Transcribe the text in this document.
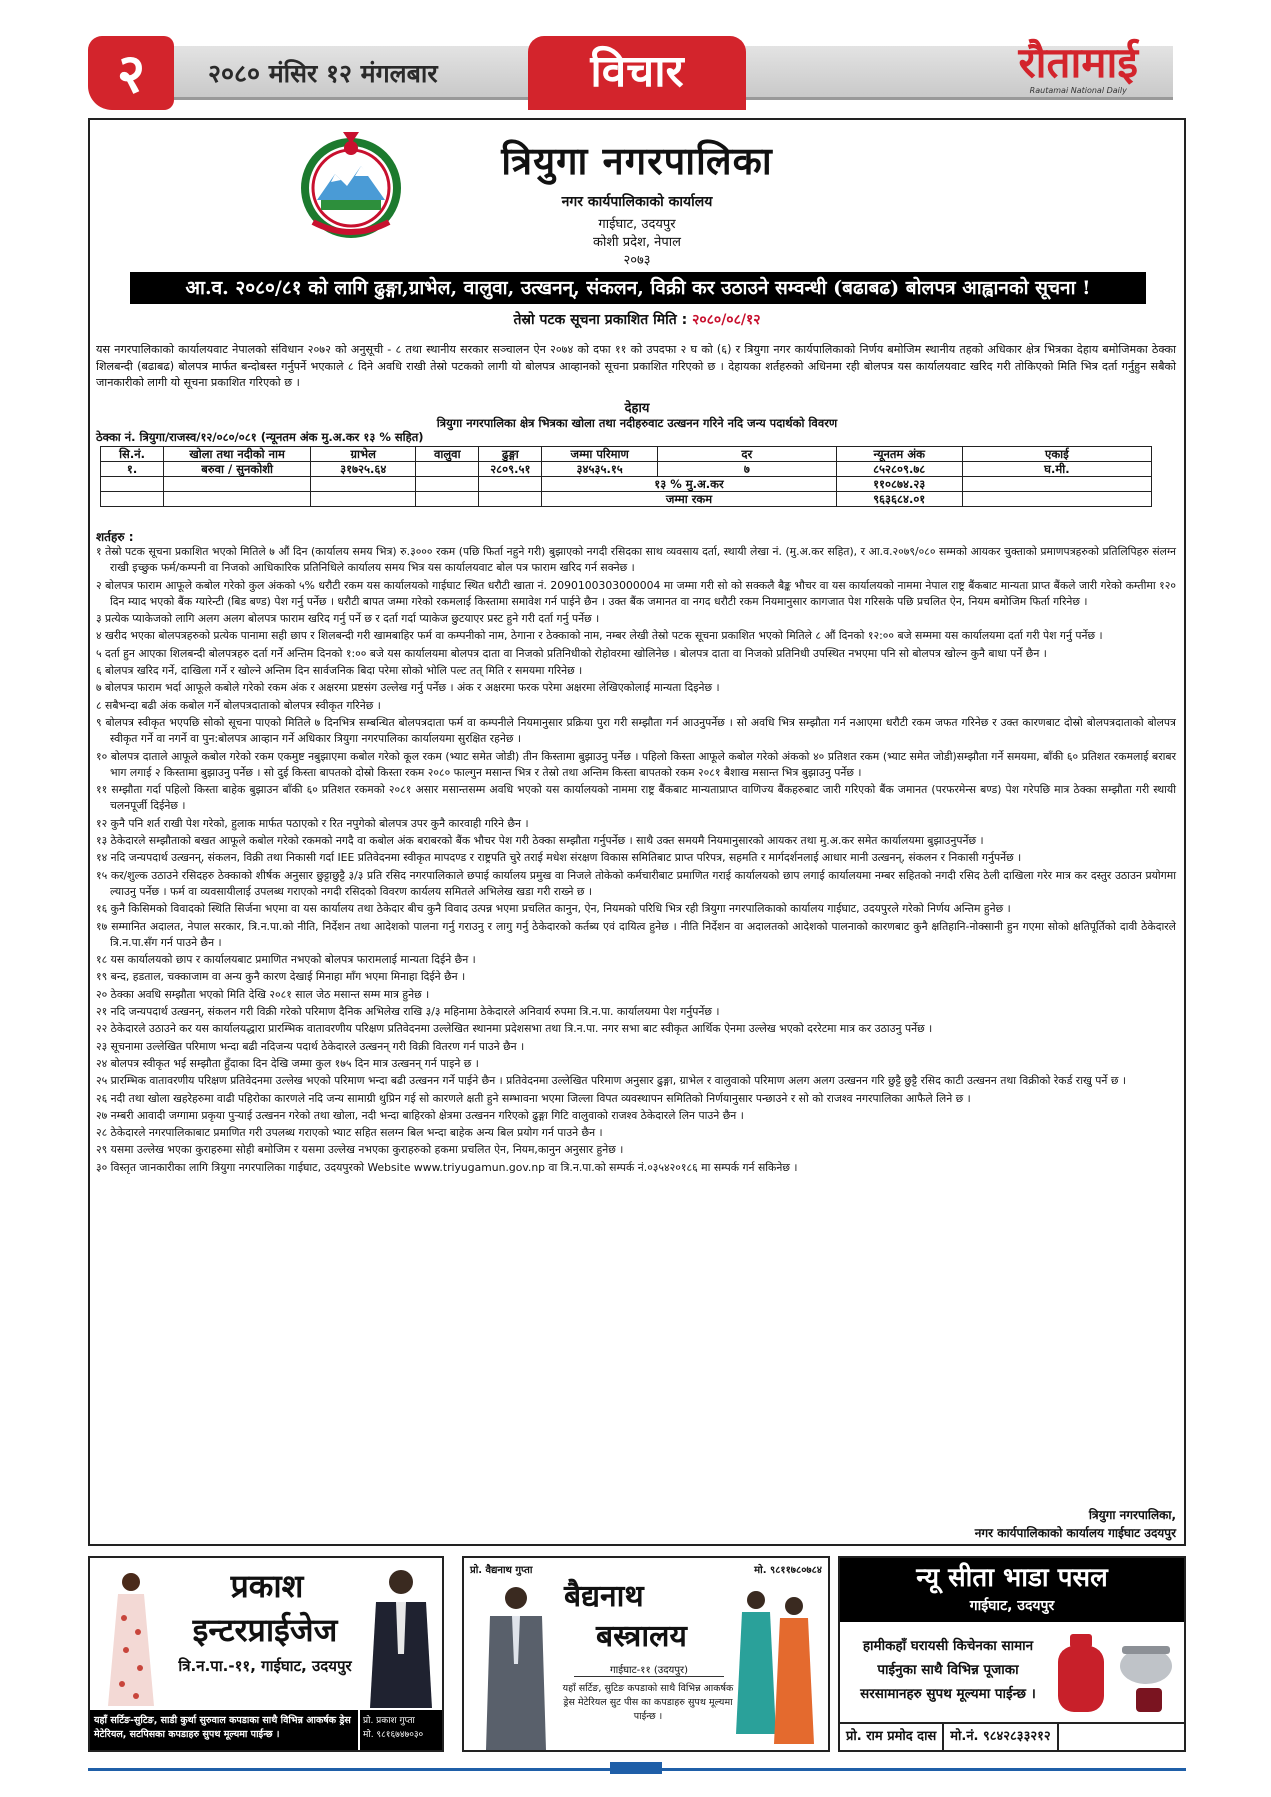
२	२०८० मंसिर १२ मंगलबार	विचार	रौतामाई
Rautamai National Daily
त्रियुगा नगरपालिका
नगर कार्यपालिकाको कार्यालय
गाईघाट, उदयपुर
कोशी प्रदेश, नेपाल
२०७३
आ.व. २०८०/८१ को लागि ढुङ्गा,ग्राभेल, वालुवा, उत्खनन्, संकलन, विक्री कर उठाउने सम्वन्धी (बढाबढ) बोलपत्र आह्वानको सूचना !
तेस्रो पटक सूचना प्रकाशित मिति : २०८०/०८/१२
यस नगरपालिकाको कार्यालयवाट नेपालको संविधान २०७२ को अनुसूची - ८ तथा स्थानीय सरकार सञ्चालन ऐन २०७४ को दफा ११ को उपदफा २ घ को (६) र त्रियुगा नगर कार्यपालिकाको निर्णय बमोजिम स्थानीय तहको अधिकार क्षेत्र भित्रका देहाय बमोजिमका ठेक्का शिलबन्दी (बढाबढ) बोलपत्र मार्फत बन्दोबस्त गर्नुपर्ने भएकाले ८ दिने अवधि राखी तेस्रो पटकको लागी यो बोलपत्र आव्हानको सूचना प्रकाशित गरिएको छ । देहायका शर्तहरुको अधिनमा रही बोलपत्र यस कार्यालयवाट खरिद गरी तोकिएको मिति भित्र दर्ता गर्नुहुन सबैको जानकारीको लागी यो सूचना प्रकाशित गरिएको छ ।
देहाय
त्रियुगा नगरपालिका क्षेत्र भित्रका खोला तथा नदीहरुवाट उत्खनन गरिने नदि जन्य पदार्थको विवरण
ठेक्का नं. त्रियुगा/राजस्व/१२/०८०/०८१ (न्यूनतम अंक मु.अ.कर १३ % सहित)
सि.नं.	खोला तथा नदीको नाम	ग्राभेल	वालुवा	ढुङ्गा	जम्मा परिमाण	दर	न्यूनतम अंक	एकाई
१.	बरुवा / सुनकोशी	३१७२५.६४		२८०९.५१	३४५३५.१५	७	८५२८०९.७८	घ.मी.
					१३ % मु.अ.कर		११०८७४.२३	
					जम्मा रकम		९६३६८४.०१	
शर्तहरु :
१ तेस्रो पटक सूचना प्रकाशित भएको मितिले ७ औं दिन (कार्यालय समय भित्र) रु.३००० रकम (पछि फिर्ता नहुने गरी) बुझाएको नगदी रसिदका साथ व्यवसाय दर्ता, स्थायी लेखा नं. (मु.अ.कर सहित), र आ.व.२०७९/०८० सम्मको आयकर चुक्ताको प्रमाणपत्रहरुको प्रतिलिपिहरु संलग्न राखी इच्छुक फर्म/कम्पनी वा निजको आधिकारिक प्रतिनिधिले कार्यालय समय भित्र यस कार्यालयवाट बोल पत्र फाराम खरिद गर्न सक्नेछ ।
२ बोलपत्र फाराम आफूले कबोल गरेको कुल अंकको ५% धरौटी रकम यस कार्यालयको गाईघाट स्थित धरौटी खाता नं. 2090100303000004 मा जम्मा गरी सो को सक्कलै बैङ्क भौचर वा यस कार्यालयको नाममा नेपाल राष्ट्र बैंकबाट मान्यता प्राप्त बैंकले जारी गरेको कम्तीमा १२० दिन म्याद भएको बैंक ग्यारेन्टी (बिड बण्ड) पेश गर्नु पर्नेछ । धरौटी बापत जम्मा गरेको रकमलाई किस्तामा समावेश गर्न पाईने छैन । उक्त बैंक जमानत वा नगद धरौटी रकम नियमानुसार कागजात पेश गरिसके पछि प्रचलित ऐन, नियम बमोजिम फिर्ता गरिनेछ ।
३ प्रत्येक प्याकेजको लागि अलग अलग बोलपत्र फाराम खरिद गर्नु पर्ने छ र दर्ता गर्दा प्याकेज छुटयाएर प्रस्ट हुने गरी दर्ता गर्नु पर्नेछ ।
४ खरीद भएका बोलपत्रहरुको प्रत्येक पानामा सही छाप र शिलबन्दी गरी खामबाहिर फर्म वा कम्पनीको नाम, ठेगाना र ठेक्काको नाम, नम्बर लेखी तेस्रो पटक सूचना प्रकाशित भएको मितिले ८ औं दिनको १२:०० बजे सम्ममा यस कार्यालयमा दर्ता गरी पेश गर्नु पर्नेछ ।
५ दर्ता हुन आएका शिलबन्दी बोलपत्रहरु दर्ता गर्ने अन्तिम दिनको १:०० बजे यस कार्यालयमा बोलपत्र दाता वा निजको प्रतिनिधीको रोहोवरमा खोलिनेछ । बोलपत्र दाता वा निजको प्रतिनिधी उपस्थित नभएमा पनि सो बोलपत्र खोल्न कुनै बाधा पर्ने छैन ।
६ बोलपत्र खरिद गर्ने, दाखिला गर्ने र खोल्ने अन्तिम दिन सार्वजनिक बिदा परेमा सोको भोलि पल्ट तत् मिति र समयमा गरिनेछ ।
७ बोलपत्र फाराम भर्दा आफूले कबोले गरेको रकम अंक र अक्षरमा प्रष्टसंग उल्लेख गर्नु पर्नेछ । अंक र अक्षरमा फरक परेमा अक्षरमा लेखिएकोलाई मान्यता दिइनेछ ।
८ सबैभन्दा बढी अंक कबोल गर्ने बोलपत्रदाताको बोलपत्र स्वीकृत गरिनेछ ।
९ बोलपत्र स्वीकृत भएपछि सोको सूचना पाएको मितिले ७ दिनभित्र सम्बन्धित बोलपत्रदाता फर्म वा कम्पनीले नियमानुसार प्रक्रिया पुरा गरी सम्झौता गर्न आउनुपर्नेछ । सो अवधि भित्र सम्झौता गर्न नआएमा धरौटी रकम जफत गरिनेछ र उक्त कारणबाट दोस्रो बोलपत्रदाताको बोलपत्र स्वीकृत गर्ने वा नगर्ने वा पुन:बोलपत्र आव्हान गर्ने अधिकार त्रियुगा नगरपालिका कार्यालयमा सुरक्षित रहनेछ ।
१० बोलपत्र दाताले आफूले कबोल गरेको रकम एकमुष्ट नबुझाएमा कबोल गरेको कूल रकम (भ्याट समेत जोडी) तीन किस्तामा बुझाउनु पर्नेछ । पहिलो किस्ता आफूले कबोल गरेको अंकको ४० प्रतिशत रकम (भ्याट समेत जोडी)सम्झौता गर्ने समयमा, बाँकी ६० प्रतिशत रकमलाई बराबर भाग लगाई २ किस्तामा बुझाउनु पर्नेछ । सो दुई किस्ता बापतको दोस्रो किस्ता रकम २०८० फाल्गुन मसान्त भित्र र तेस्रो तथा अन्तिम किस्ता बापतको रकम २०८१ बैशाख मसान्त भित्र बुझाउनु पर्नेछ ।
११ सम्झौता गर्दा पहिलो किस्ता बाहेक बुझाउन बाँकी ६० प्रतिशत रकमको २०८१ असार मसान्तसम्म अवधि भएको यस कार्यालयको नाममा राष्ट्र बैंकबाट मान्यताप्राप्त वाणिज्य बैंकहरुबाट जारी गरिएको बैंक जमानत (परफरमेन्स बण्ड) पेश गरेपछि मात्र ठेक्का सम्झौता गरी स्थायी चलनपूर्जी दिईनेछ ।
१२ कुनै पनि शर्त राखी पेश गरेको, हुलाक मार्फत पठाएको र रित नपुगेको बोलपत्र उपर कुनै कारवाही गरिने छैन ।
१३ ठेकेदारले सम्झौताको बखत आफूले कबोल गरेको रकमको नगदै वा कबोल अंक बराबरको बैंक भौचर पेश गरी ठेक्का सम्झौता गर्नुपर्नेछ । साथै उक्त समयमै नियमानुसारको आयकर तथा मु.अ.कर समेत कार्यालयमा बुझाउनुपर्नेछ ।
१४ नदि जन्यपदार्थ उत्खनन्, संकलन, विक्री तथा निकासी गर्दा IEE प्रतिवेदनमा स्वीकृत मापदण्ड र राष्ट्रपति चुरे तराई मधेश संरक्षण विकास समितिबाट प्राप्त परिपत्र, सहमति र मार्गदर्शनलाई आधार मानी उत्खनन्, संकलन र निकासी गर्नुपर्नेछ ।
१५ कर/शुल्क उठाउने रसिदहरु ठेक्काको शीर्षक अनुसार छुट्टाछुट्टै ३/३ प्रति रसिद नगरपालिकाले छपाई कार्यालय प्रमुख वा निजले तोकेको कर्मचारीबाट प्रमाणित गराई कार्यालयको छाप लगाई कार्यालयमा नम्बर सहितको नगदी रसिद ठेली दाखिला गरेर मात्र कर दस्तुर उठाउन प्रयोगमा ल्याउनु पर्नेछ । फर्म वा व्यवसायीलाई उपलब्ध गराएको नगदी रसिदको विवरण कार्यलय समितले अभिलेख खडा गरी राख्ने छ ।
१६ कुनै किसिमको विवादको स्थिति सिर्जना भएमा वा यस कार्यालय तथा ठेकेदार बीच कुनै विवाद उत्पन्न भएमा प्रचलित कानुन, ऐन, नियमको परिधि भित्र रही त्रियुगा नगरपालिकाको कार्यालय गाईघाट, उदयपुरले गरेको निर्णय अन्तिम हुनेछ ।
१७ सम्मानित अदालत, नेपाल सरकार, त्रि.न.पा.को नीति, निर्देशन तथा आदेशको पालना गर्नु गराउनु र लागु गर्नु ठेकेदारको कर्तब्य एवं दायित्व हुनेछ । नीति निर्देशन वा अदालतको आदेशको पालनाको कारणबाट कुनै क्षतिहानि-नोक्सानी हुन गएमा सोको क्षतिपूर्तिको दावी ठेकेदारले त्रि.न.पा.सँग गर्न पाउने छैन ।
१८ यस कार्यालयको छाप र कार्यालयबाट प्रमाणित नभएको बोलपत्र फारामलाई मान्यता दिईने छैन ।
१९ बन्द, हडताल, चक्काजाम वा अन्य कुनै कारण देखाई मिनाहा माँग भएमा मिनाहा दिईने छैन ।
२० ठेक्का अवधि सम्झौता भएको मिति देखि २०८१ साल जेठ मसान्त सम्म मात्र हुनेछ ।
२१ नदि जन्यपदार्थ उत्खनन्, संकलन गरी विक्री गरेको परिमाण दैनिक अभिलेख राखि ३/३ महिनामा ठेकेदारले अनिवार्य रुपमा त्रि.न.पा. कार्यालयमा पेश गर्नुपर्नेछ ।
२२ ठेकेदारले उठाउने कर यस कार्यालयद्धारा प्रारम्भिक वातावरणीय परिक्षण प्रतिवेदनमा उल्लेखित स्थानमा प्रदेशसभा तथा त्रि.न.पा. नगर सभा बाट स्वीकृत आर्थिक ऐनमा उल्लेख भएको दररेटमा मात्र कर उठाउनु पर्नेछ ।
२३ सूचनामा उल्लेखित परिमाण भन्दा बढी नदिजन्य पदार्थ ठेकेदारले उत्खनन् गरी विक्री वितरण गर्न पाउने छैन ।
२४ बोलपत्र स्वीकृत भई सम्झौता हुँदाका दिन देखि जम्मा कुल १७५ दिन मात्र उत्खनन् गर्न पाइने छ ।
२५ प्रारम्भिक वातावरणीय परिक्षण प्रतिवेदनमा उल्लेख भएको परिमाण भन्दा बढी उत्खनन गर्ने पाईने छैन । प्रतिवेदनमा उल्लेखित परिमाण अनुसार ढुङ्गा, ग्राभेल र वालुवाको परिमाण अलग अलग उत्खनन गरि छुट्टै छुट्टै रसिद काटी उत्खनन तथा विक्रीको रेकर्ड राखु पर्ने छ ।
२६ नदी तथा खोला खहरेहरुमा वाढी पहिरोका कारणले नदि जन्य सामाग्री थुप्रिन गई सो कारणले क्षती हुने सम्भावना भएमा जिल्ला विपत व्यवस्थापन समितिको निर्णयानुसार पन्छाउने र सो को राजश्व नगरपालिका आफैले लिने छ ।
२७ नम्बरी आवादी जग्गामा प्रकृया पुऱ्याई उत्खनन गरेको तथा खोला, नदी भन्दा बाहिरको क्षेत्रमा उत्खनन गरिएको ढुङ्गा गिटि वालुवाको राजश्व ठेकेदारले लिन पाउने छैन ।
२८ ठेकेदारले नगरपालिकाबाट प्रमाणित गरी उपलब्ध गराएको भ्याट सहित सलग्न बिल भन्दा बाहेक अन्य बिल प्रयोग गर्न पाउने छैन ।
२९ यसमा उल्लेख भएका कुराहरुमा सोही बमोजिम र यसमा उल्लेख नभएका कुराहरुको हकमा प्रचलित ऐन, नियम,कानुन अनुसार हुनेछ ।
३० विस्तृत जानकारीका लागि त्रियुगा नगरपालिका गाईघाट, उदयपुरको Website www.triyugamun.gov.np वा त्रि.न.पा.को सम्पर्क नं.०३५४२०१८६ मा सम्पर्क गर्न सकिनेछ ।
त्रियुगा नगरपालिका,
नगर कार्यपालिकाको कार्यालय गाईघाट उदयपुर
प्रकाश
इन्टरप्राईजेज
त्रि.न.पा.-११, गाईघाट, उदयपुर
यहाँ सर्टिङ-सुटिङ, साडी कुर्था सुरुवाल कपडाका साथै विभिन्न आकर्षक ड्रेस मेटेरियल, सटपिसका कपडाहरु सुपथ मूल्यमा पाईन्छ ।
प्रो. प्रकाश गुप्ता
मो. ९८१६७४७०३०
प्रो. वैद्यनाथ गुप्ता	मो. ९८११७८०७८४
बैद्यनाथ
बस्त्रालय
गाईघाट-११ (उदयपुर)
यहाँ सर्टिङ, सुटिङ कपडाको साथै विभिन्न आकर्षक ड्रेस मेटेरियल सुट पीस का कपडाहरु सुपथ मूल्यमा पाईन्छ ।
न्यू सीता भाडा पसल
गाईघाट, उदयपुर
हामीकहाँ घरायसी किचेनका सामान पाईनुका साथै विभिन्न पूजाका सरसामानहरु सुपथ मूल्यमा पाईन्छ ।
प्रो. राम प्रमोद दास मो.नं. ९८४२८३३२१२
